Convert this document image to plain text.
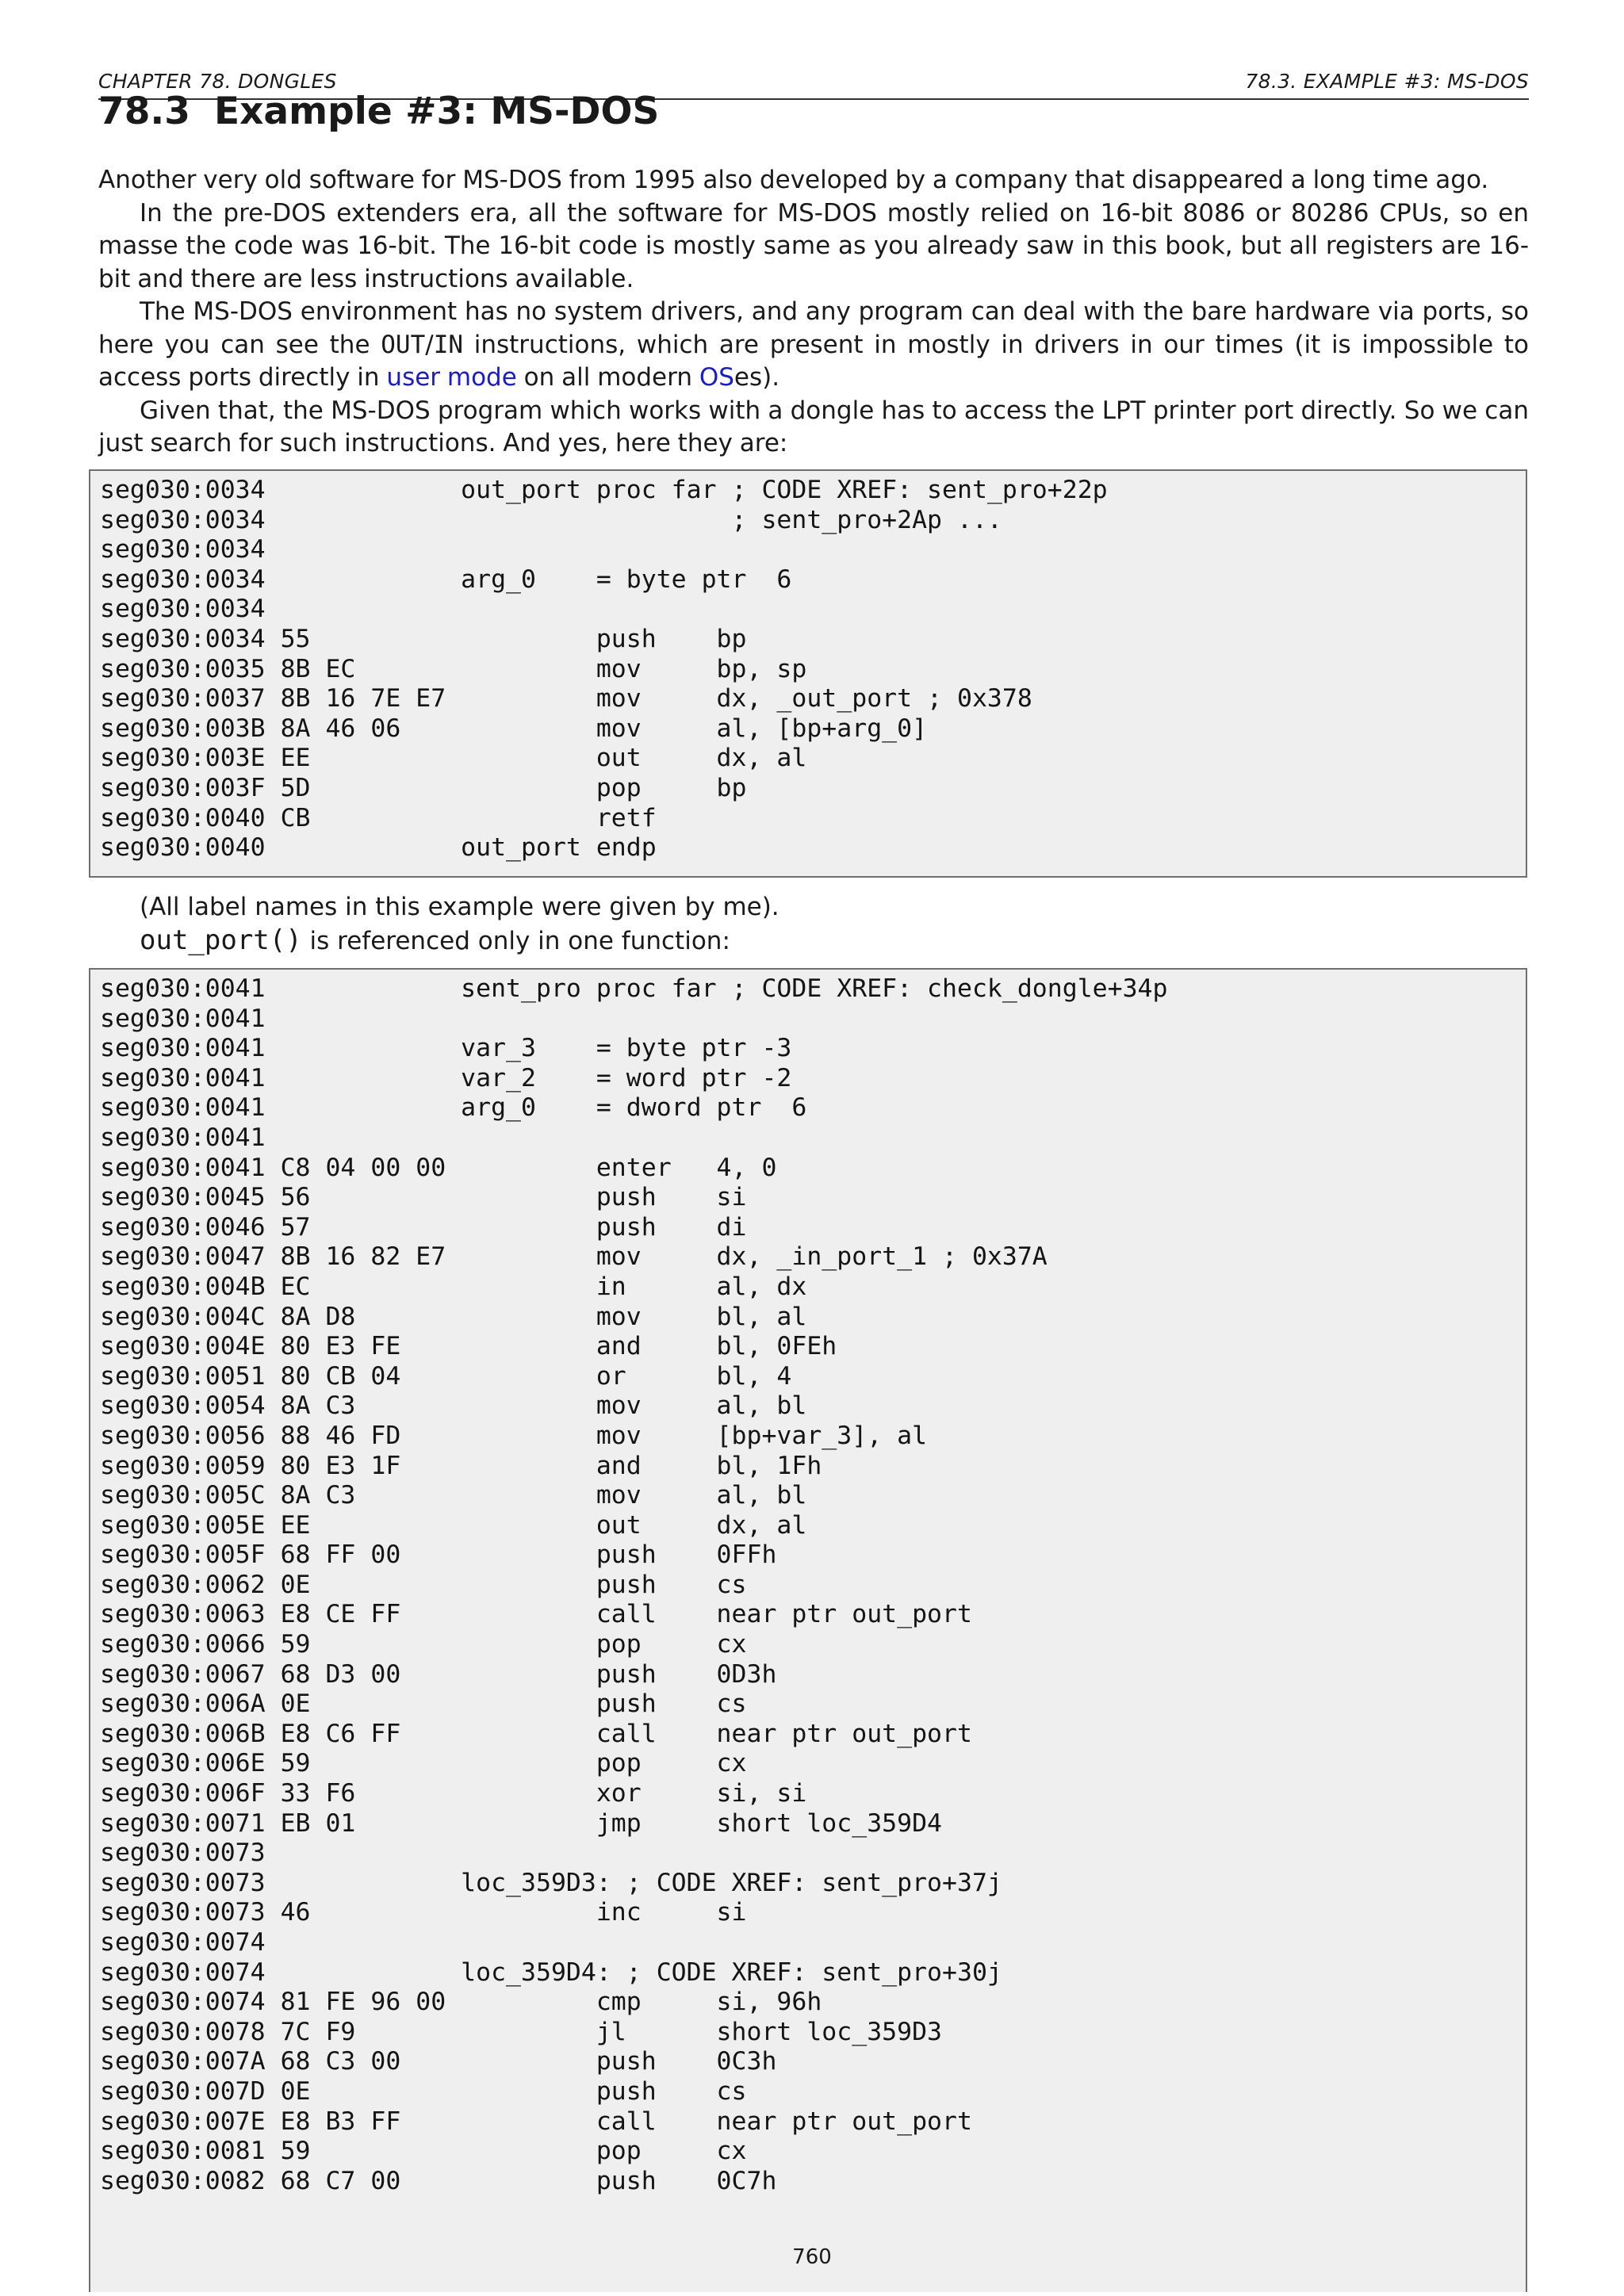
CHAPTER 78. DONGLES	78.3. EXAMPLE #3: MS-DOS
78.3 Example #3: MS-DOS

Another very old software for MS-DOS from 1995 also developed by a company that disappeared a long time ago.

In the pre-DOS extenders era, all the software for MS-DOS mostly relied on 16-bit 8086 or 80286 CPUs, so en masse the code was 16-bit. The 16-bit code is mostly same as you already saw in this book, but all registers are 16-bit and there are less instructions available.

The MS-DOS environment has no system drivers, and any program can deal with the bare hardware via ports, so here you can see the OUT/IN instructions, which are present in mostly in drivers in our times (it is impossible to access ports directly in user mode on all modern OSes).

Given that, the MS-DOS program which works with a dongle has to access the LPT printer port directly. So we can just search for such instructions. And yes, here they are:

seg030:0034             out_port proc far ; CODE XREF: sent_pro+22p
seg030:0034                               ; sent_pro+2Ap ...
seg030:0034
seg030:0034             arg_0    = byte ptr  6
seg030:0034
seg030:0034 55                   push    bp
seg030:0035 8B EC                mov     bp, sp
seg030:0037 8B 16 7E E7          mov     dx, _out_port ; 0x378
seg030:003B 8A 46 06             mov     al, [bp+arg_0]
seg030:003E EE                   out     dx, al
seg030:003F 5D                   pop     bp
seg030:0040 CB                   retf
seg030:0040             out_port endp

(All label names in this example were given by me).

out_port() is referenced only in one function:

seg030:0041             sent_pro proc far ; CODE XREF: check_dongle+34p
seg030:0041
seg030:0041             var_3    = byte ptr -3
seg030:0041             var_2    = word ptr -2
seg030:0041             arg_0    = dword ptr  6
seg030:0041
seg030:0041 C8 04 00 00          enter   4, 0
seg030:0045 56                   push    si
seg030:0046 57                   push    di
seg030:0047 8B 16 82 E7          mov     dx, _in_port_1 ; 0x37A
seg030:004B EC                   in      al, dx
seg030:004C 8A D8                mov     bl, al
seg030:004E 80 E3 FE             and     bl, 0FEh
seg030:0051 80 CB 04             or      bl, 4
seg030:0054 8A C3                mov     al, bl
seg030:0056 88 46 FD             mov     [bp+var_3], al
seg030:0059 80 E3 1F             and     bl, 1Fh
seg030:005C 8A C3                mov     al, bl
seg030:005E EE                   out     dx, al
seg030:005F 68 FF 00             push    0FFh
seg030:0062 0E                   push    cs
seg030:0063 E8 CE FF             call    near ptr out_port
seg030:0066 59                   pop     cx
seg030:0067 68 D3 00             push    0D3h
seg030:006A 0E                   push    cs
seg030:006B E8 C6 FF             call    near ptr out_port
seg030:006E 59                   pop     cx
seg030:006F 33 F6                xor     si, si
seg030:0071 EB 01                jmp     short loc_359D4
seg030:0073
seg030:0073             loc_359D3: ; CODE XREF: sent_pro+37j
seg030:0073 46                   inc     si
seg030:0074
seg030:0074             loc_359D4: ; CODE XREF: sent_pro+30j
seg030:0074 81 FE 96 00          cmp     si, 96h
seg030:0078 7C F9                jl      short loc_359D3
seg030:007A 68 C3 00             push    0C3h
seg030:007D 0E                   push    cs
seg030:007E E8 B3 FF             call    near ptr out_port
seg030:0081 59                   pop     cx
seg030:0082 68 C7 00             push    0C7h
760
